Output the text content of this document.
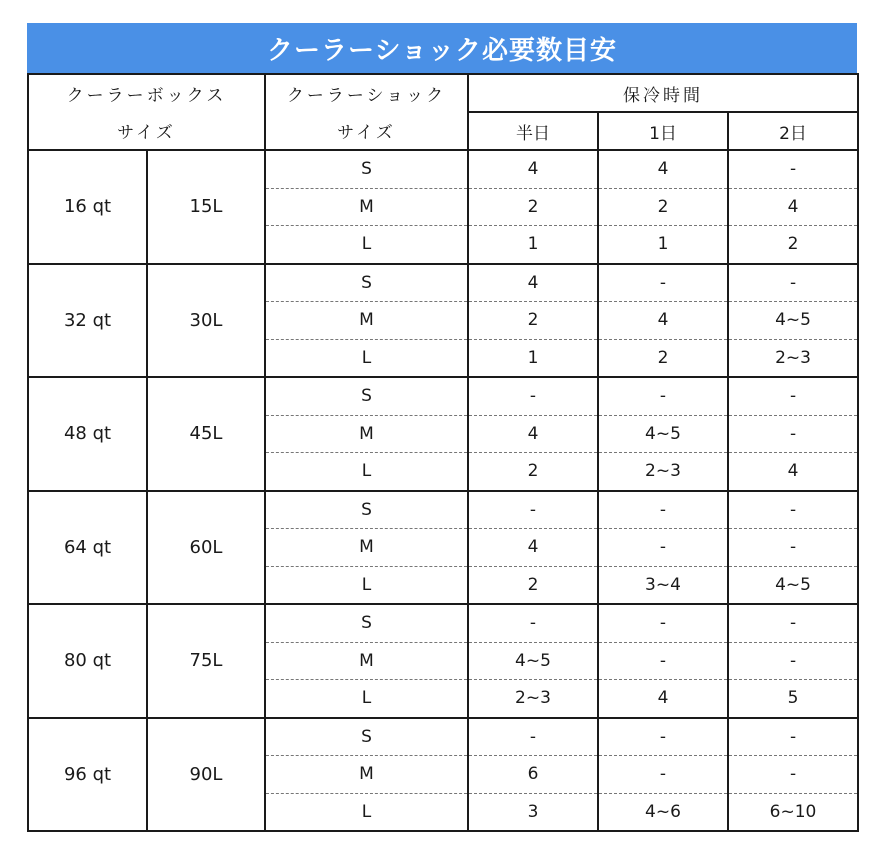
クーラーショック必要数目安
クーラーボックス		クーラーショック	保冷時間		
サイズ		サイズ	半日	1日	2日
16 qt	15L	S	4	4	-
		M	2	2	4
		L	1	1	2
32 qt	30L	S	4	-	-
		M	2	4	4~5
		L	1	2	2~3
48 qt	45L	S	-	-	-
		M	4	4~5	-
		L	2	2~3	4
64 qt	60L	S	-	-	-
		M	4	-	-
		L	2	3~4	4~5
80 qt	75L	S	-	-	-
		M	4~5	-	-
		L	2~3	4	5
96 qt	90L	S	-	-	-
		M	6	-	-
		L	3	4~6	6~10
